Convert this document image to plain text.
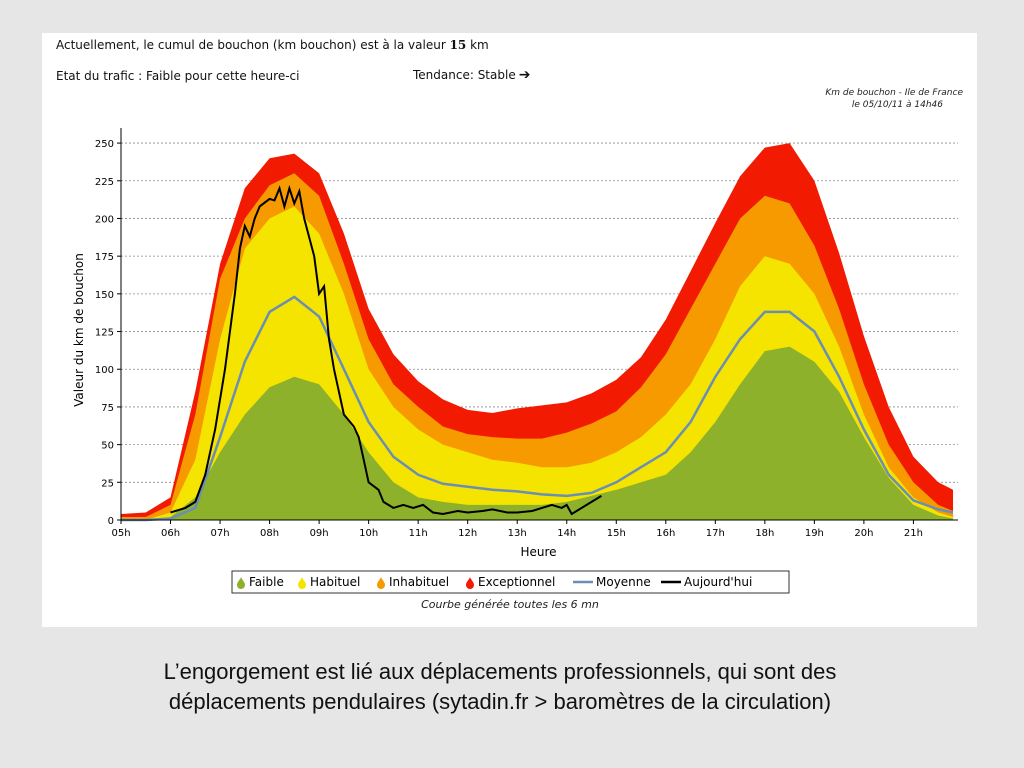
Actuellement, le cumul de bouchon (km bouchon) est à la valeur 15 km
Etat du trafic : Faible pour cette heure-ci	Tendance: Stable ➔
Km de bouchon - Ile de France
le 05/10/11 à 14h46
0
25
50
75
100
125
150
175
200
225
250
05h	06h	07h	08h	09h	10h	11h	12h	13h	14h	15h	16h	17h	18h	19h	20h	21h
Heure
Valeur du km de bouchon
Faible Habituel Inhabituel Exceptionnel	Moyenne	Aujourd'hui
Courbe générée toutes les 6 mn
L’engorgement est lié aux déplacements professionnels, qui sont des
déplacements pendulaires (sytadin.fr > baromètres de la circulation)
